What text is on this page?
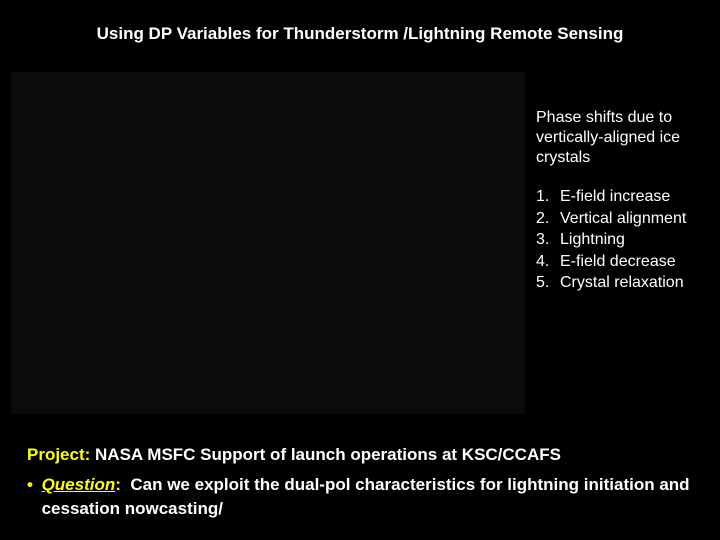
Using DP Variables for Thunderstorm /Lightning Remote Sensing
Phase shifts due to vertically-aligned ice crystals
1. E-field increase
2. Vertical alignment
3. Lightning
4. E-field decrease
5. Crystal relaxation
Project: NASA MSFC Support of launch operations at KSC/CCAFS
• Question: Can we exploit the dual-pol characteristics for lightning initiation and cessation nowcasting/
